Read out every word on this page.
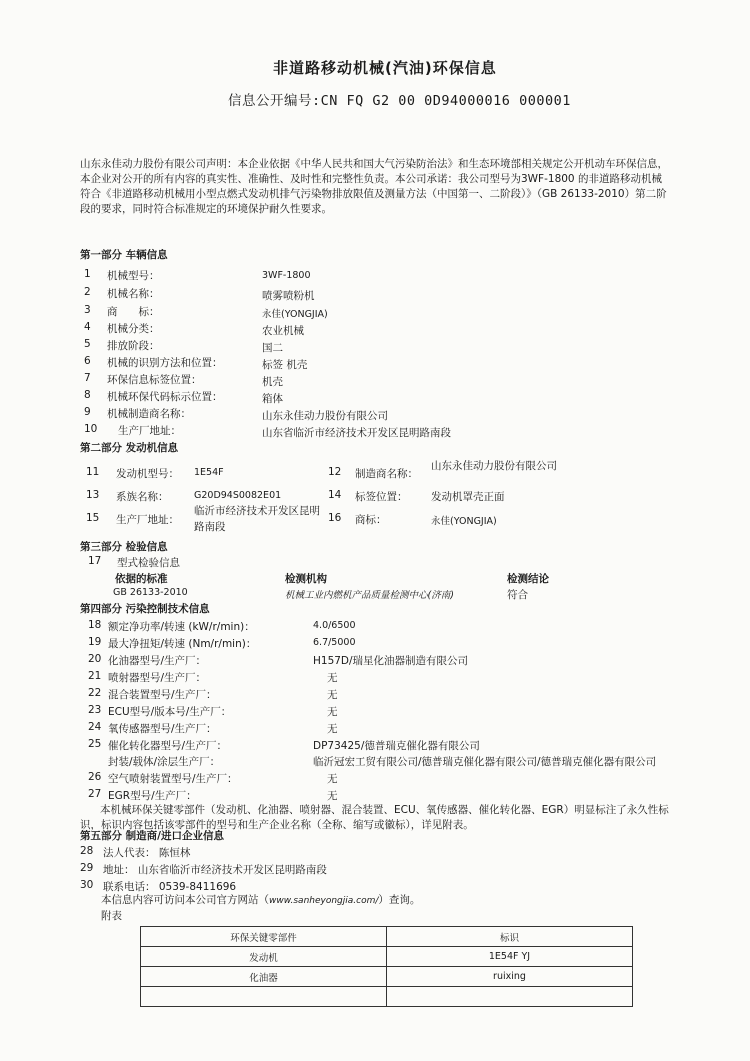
非道路移动机械(汽油)环保信息
信息公开编号:CN FQ G2 00 0D94000016 000001
山东永佳动力股份有限公司声明：本企业依据《中华人民共和国大气污染防治法》和生态环境部相关规定公开机动车环保信息，本企业对公开的所有内容的真实性、准确性、及时性和完整性负责。本公司承诺：我公司型号为3WF-1800 的非道路移动机械符合《非道路移动机械用小型点燃式发动机排气污染物排放限值及测量方法（中国第一、二阶段）》（GB 26133-2010）第二阶段的要求，同时符合标准规定的环境保护耐久性要求。
第一部分 车辆信息
1 机械型号：	3WF-1800
2 机械名称：	喷雾喷粉机
3 商　　标：	永佳(YONGJIA)
4 机械分类：	农业机械
5 排放阶段：	国二
6 机械的识别方法和位置：	标签 机壳
7 环保信息标签位置：	机壳
8 机械环保代码标示位置：	箱体
9 机械制造商名称：	山东永佳动力股份有限公司
10 生产厂地址：	山东省临沂市经济技术开发区昆明路南段
第二部分 发动机信息
11 发动机型号： 1E54F	12 制造商名称：
山东永佳动力股份有限公司
13 系族名称：	G20D94S0082E01	14 标签位置： 发动机罩壳正面
15 生产厂地址：
临沂市经济技术开发区昆明路南段
16 商标：	永佳(YONGJIA)
第三部分 检验信息
17 型式检验信息
依据的标准	检测机构	检测结论
GB 26133-2010	机械工业内燃机产品质量检测中心(济南)	符合
第四部分 污染控制技术信息
18 额定净功率/转速 (kW/r/min)：	4.0/6500
19 最大净扭矩/转速 (Nm/r/min)：	6.7/5000
20 化油器型号/生产厂：	H157D/瑞星化油器制造有限公司
21 喷射器型号/生产厂：	无
22 混合装置型号/生产厂：	无
23 ECU型号/版本号/生产厂：	无
24 氧传感器型号/生产厂：	无
25 催化转化器型号/生产厂：	DP73425/德普瑞克催化器有限公司
封装/载体/涂层生产厂：	临沂冠宏工贸有限公司/德普瑞克催化器有限公司/德普瑞克催化器有限公司
26 空气喷射装置型号/生产厂：	无
27 EGR型号/生产厂：	无
本机械环保关键零部件（发动机、化油器、喷射器、混合装置、ECU、氧传感器、催化转化器、EGR）明显标注了永久性标识，标识内容包括该零部件的型号和生产企业名称（全称、缩写或徽标），详见附表。
第五部分 制造商/进口企业信息
28 法人代表： 陈恒林
29 地址： 山东省临沂市经济技术开发区昆明路南段
30 联系电话： 0539-8411696
本信息内容可访问本公司官方网站（www.sanheyongjia.com/）查询。
附表
环保关键零部件	标识
发动机	1E54F YJ
化油器	ruixing
